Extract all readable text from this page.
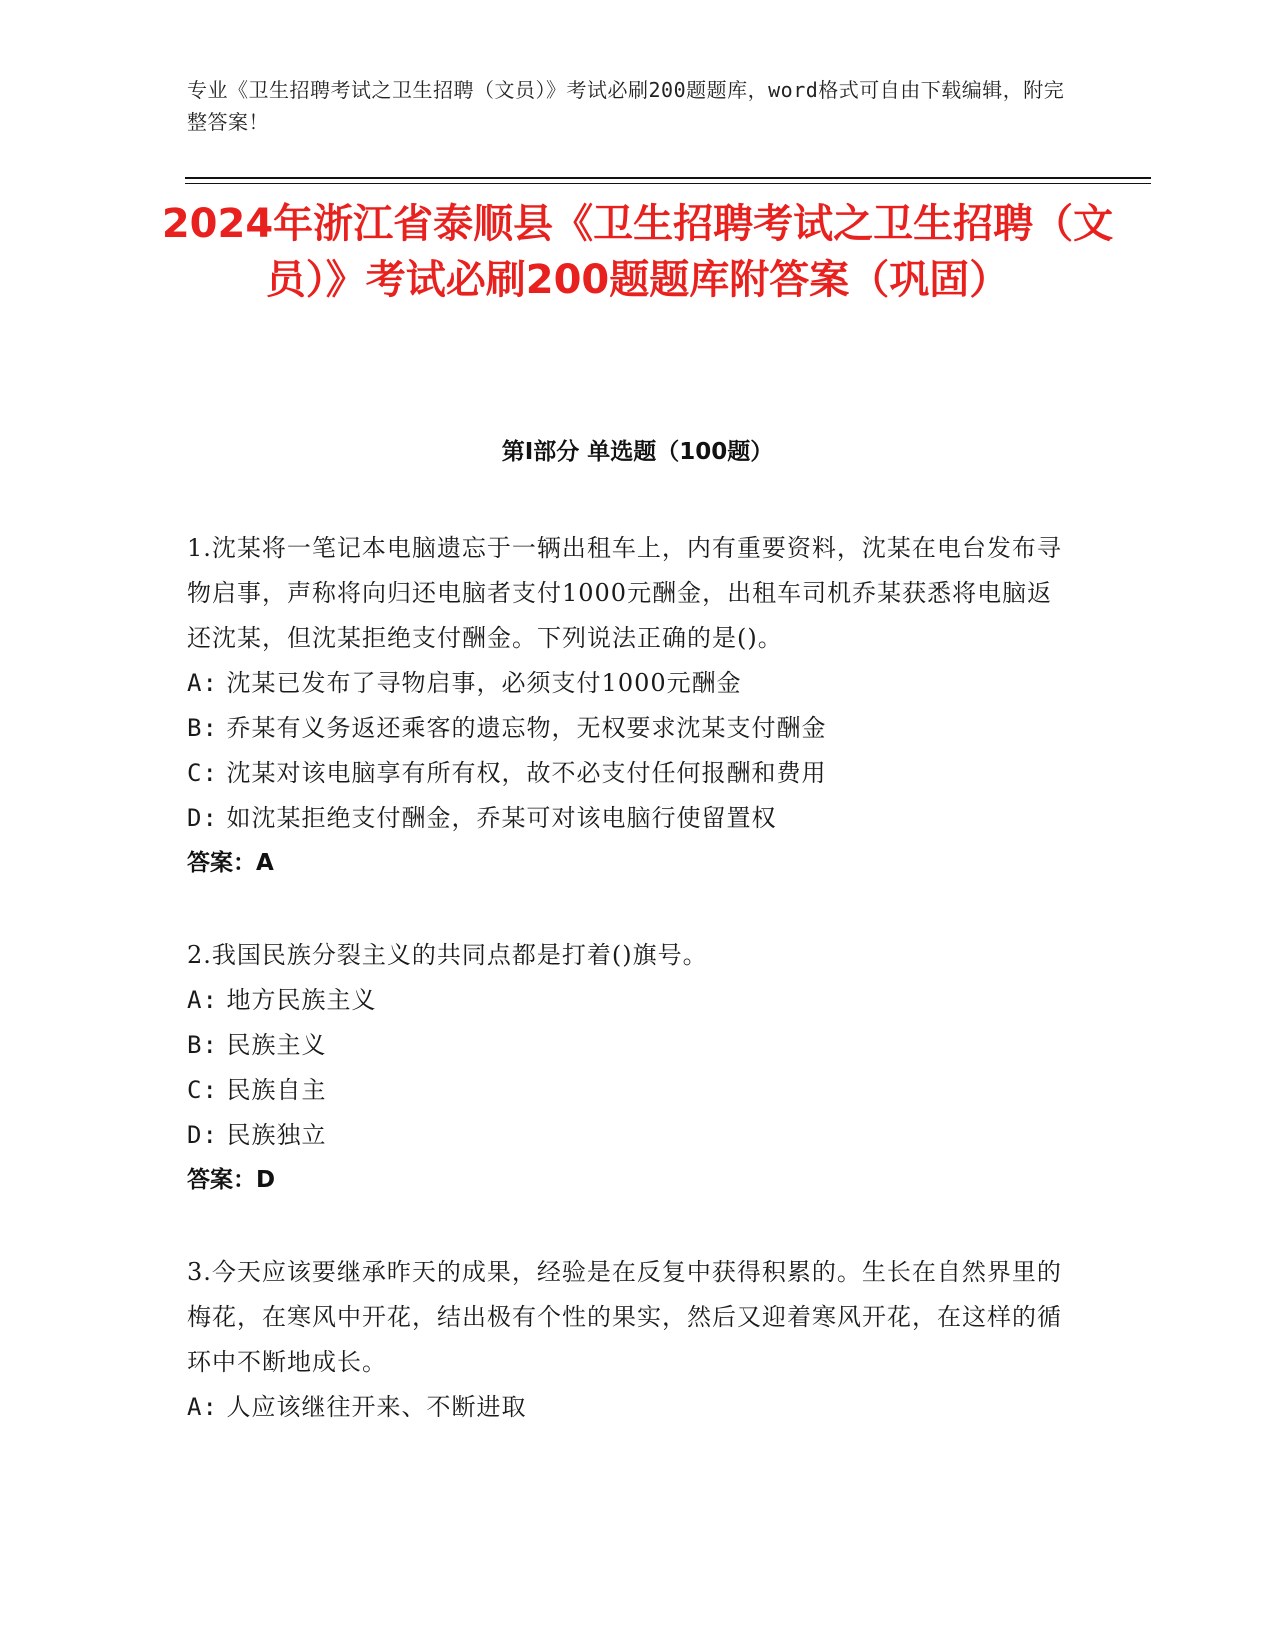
专业《卫生招聘考试之卫生招聘（文员）》考试必刷200题题库，word格式可自由下载编辑，附完整答案！
2024年浙江省泰顺县《卫生招聘考试之卫生招聘（文员）》考试必刷200题题库附答案（巩固）
第I部分 单选题（100题）
1.沈某将一笔记本电脑遗忘于一辆出租车上，内有重要资料，沈某在电台发布寻物启事，声称将向归还电脑者支付1000元酬金，出租车司机乔某获悉将电脑返还沈某，但沈某拒绝支付酬金。下列说法正确的是()。
A: 沈某已发布了寻物启事，必须支付1000元酬金
B: 乔某有义务返还乘客的遗忘物，无权要求沈某支付酬金
C: 沈某对该电脑享有所有权，故不必支付任何报酬和费用
D: 如沈某拒绝支付酬金，乔某可对该电脑行使留置权
答案：A
2.我国民族分裂主义的共同点都是打着()旗号。
A: 地方民族主义
B: 民族主义
C: 民族自主
D: 民族独立
答案：D
3.今天应该要继承昨天的成果，经验是在反复中获得积累的。生长在自然界里的梅花，在寒风中开花，结出极有个性的果实，然后又迎着寒风开花，在这样的循环中不断地成长。
A: 人应该继往开来、不断进取
